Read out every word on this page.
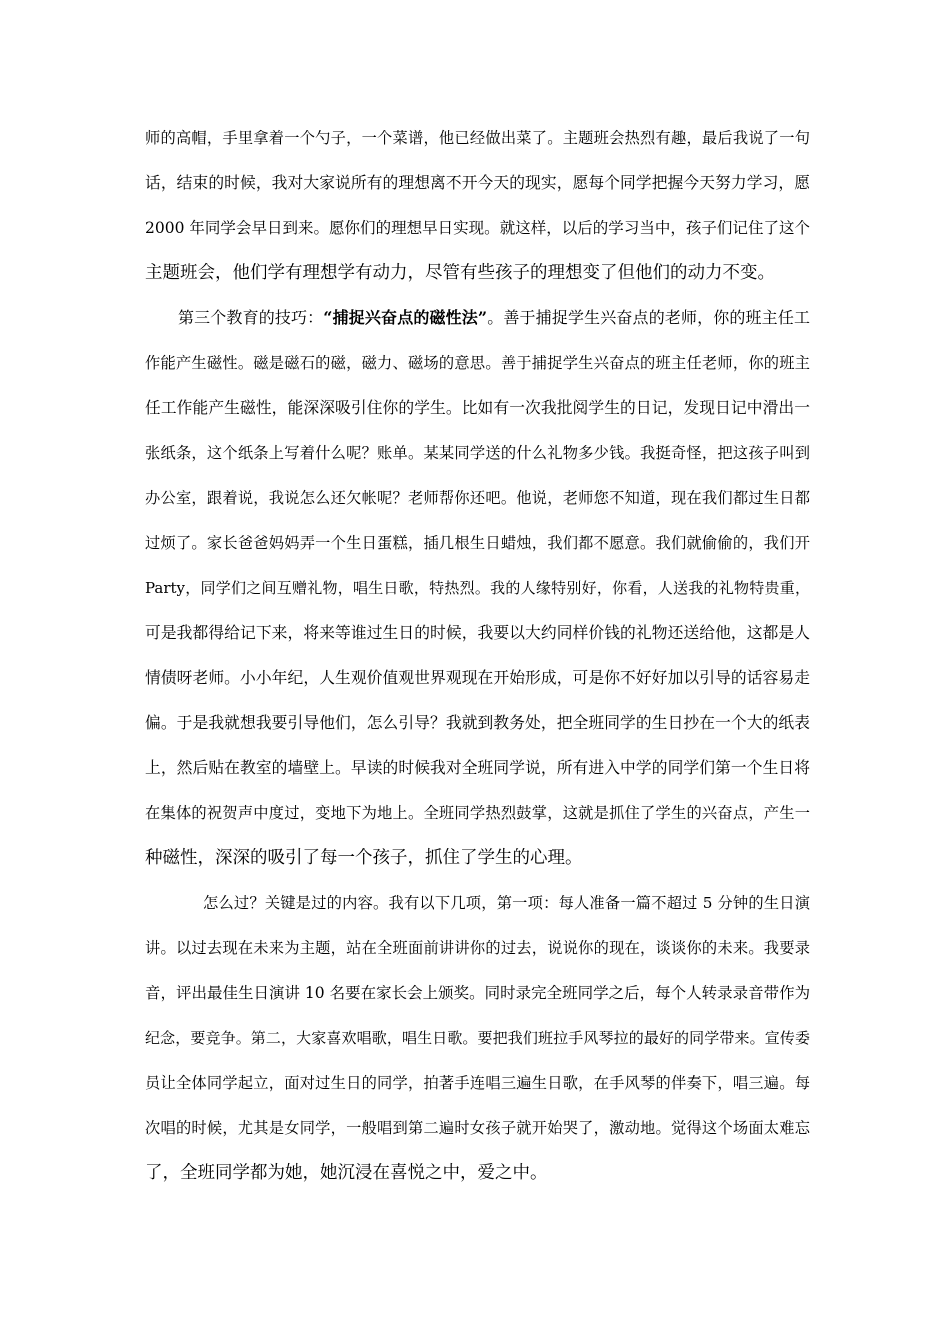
师的高帽，手里拿着一个勺子，一个菜谱，他已经做出菜了。主题班会热烈有趣，最后我说了一句
话，结束的时候，我对大家说所有的理想离不开今天的现实，愿每个同学把握今天努力学习，愿
2000 年同学会早日到来。愿你们的理想早日实现。就这样，以后的学习当中，孩子们记住了这个
主题班会，他们学有理想学有动力，尽管有些孩子的理想变了但他们的动力不变。
第三个教育的技巧：“捕捉兴奋点的磁性法”。善于捕捉学生兴奋点的老师，你的班主任工
作能产生磁性。磁是磁石的磁，磁力、磁场的意思。善于捕捉学生兴奋点的班主任老师，你的班主
任工作能产生磁性，能深深吸引住你的学生。比如有一次我批阅学生的日记，发现日记中滑出一
张纸条，这个纸条上写着什么呢？账单。某某同学送的什么礼物多少钱。我挺奇怪，把这孩子叫到
办公室，跟着说，我说怎么还欠帐呢？老师帮你还吧。他说，老师您不知道，现在我们都过生日都
过烦了。家长爸爸妈妈弄一个生日蛋糕，插几根生日蜡烛，我们都不愿意。我们就偷偷的，我们开
Party，同学们之间互赠礼物，唱生日歌，特热烈。我的人缘特别好，你看，人送我的礼物特贵重，
可是我都得给记下来，将来等谁过生日的时候，我要以大约同样价钱的礼物还送给他，这都是人
情债呀老师。小小年纪，人生观价值观世界观现在开始形成，可是你不好好加以引导的话容易走
偏。于是我就想我要引导他们，怎么引导？我就到教务处，把全班同学的生日抄在一个大的纸表
上，然后贴在教室的墙壁上。早读的时候我对全班同学说，所有进入中学的同学们第一个生日将
在集体的祝贺声中度过，变地下为地上。全班同学热烈鼓掌，这就是抓住了学生的兴奋点，产生一
种磁性，深深的吸引了每一个孩子，抓住了学生的心理。
怎么过？关键是过的内容。我有以下几项，第一项：每人准备一篇不超过 5 分钟的生日演
讲。以过去现在未来为主题，站在全班面前讲讲你的过去，说说你的现在，谈谈你的未来。我要录
音，评出最佳生日演讲 10 名要在家长会上颁奖。同时录完全班同学之后，每个人转录录音带作为
纪念，要竞争。第二，大家喜欢唱歌，唱生日歌。要把我们班拉手风琴拉的最好的同学带来。宣传委
员让全体同学起立，面对过生日的同学，拍著手连唱三遍生日歌，在手风琴的伴奏下，唱三遍。每
次唱的时候，尤其是女同学，一般唱到第二遍时女孩子就开始哭了，激动地。觉得这个场面太难忘
了，全班同学都为她，她沉浸在喜悦之中，爱之中。
